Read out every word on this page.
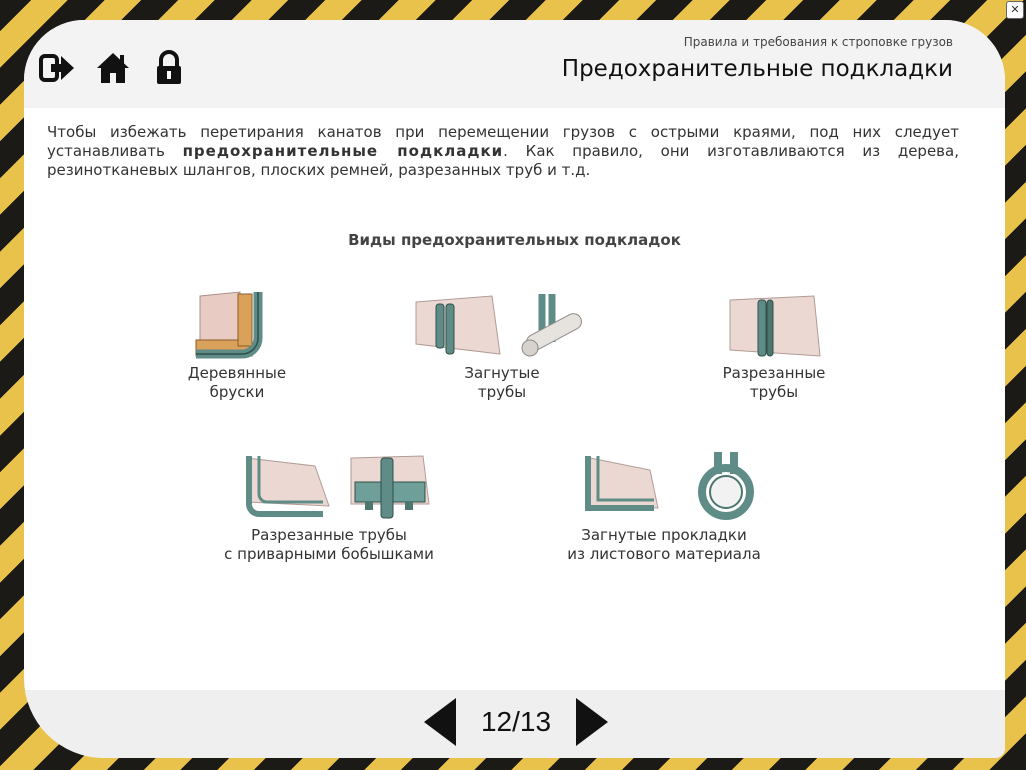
✕
Правила и требования к строповке грузов
Предохранительные подкладки
Чтобы избежать перетирания канатов при перемещении грузов с острыми краями, под них следует устанавливать предохранительные подкладки. Как правило, они изготавливаются из дерева, резинотканевых шлангов, плоских ремней, разрезанных труб и т.д.
Виды предохранительных подкладок
Деревянные
бруски
Загнутые
трубы
Разрезанные
трубы
Разрезанные трубы
с приварными бобышками
Загнутые прокладки
из листового материала
12/13
